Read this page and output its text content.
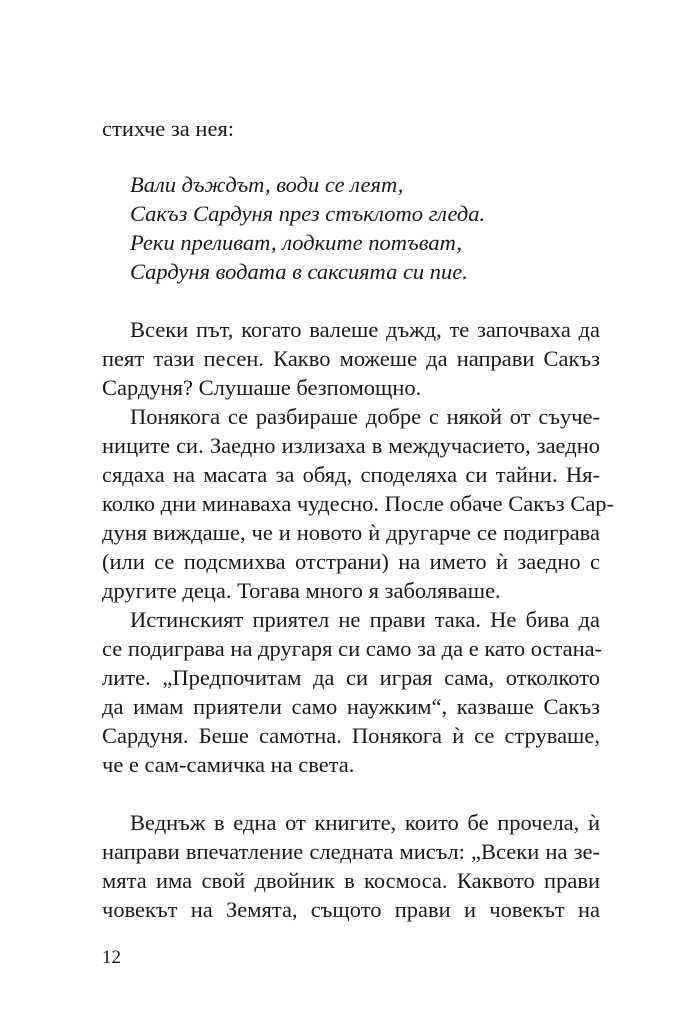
стихче за нея:
Вали дъждът, води се леят,
Сакъз Сардуня през стъклото гледа.
Реки преливат, лодките потъват,
Сардуня водата в саксията си пие.
Всеки път, когато валеше дъжд, те започваха да
пеят тази песен. Какво можеше да направи Сакъз
Сардуня? Слушаше безпомощно.
Понякога се разбираше добре с някой от съуче-
ниците си. Заедно излизаха в междучасието, заедно
сядаха на масата за обяд, споделяха си тайни. Ня-
колко дни минаваха чудесно. После обаче Сакъз Сар-
дуня виждаше, че и новото ѝ другарче се подиграва
(или се подсмихва отстрани) на името ѝ заедно с
другите деца. Тогава много я заболяваше.
Истинският приятел не прави така. Не бива да
се подиграва на другаря си само за да е като остана-
лите. „Предпочитам да си играя сама, отколкото
да имам приятели само наужким“, казваше Сакъз
Сардуня. Беше самотна. Понякога ѝ се струваше,
че е сам-самичка на света.
Веднъж в една от книгите, които бе прочела, ѝ
направи впечатление следната мисъл: „Всеки на зе-
мята има свой двойник в космоса. Каквото прави
човекът на Земята, същото прави и човекът на
12
